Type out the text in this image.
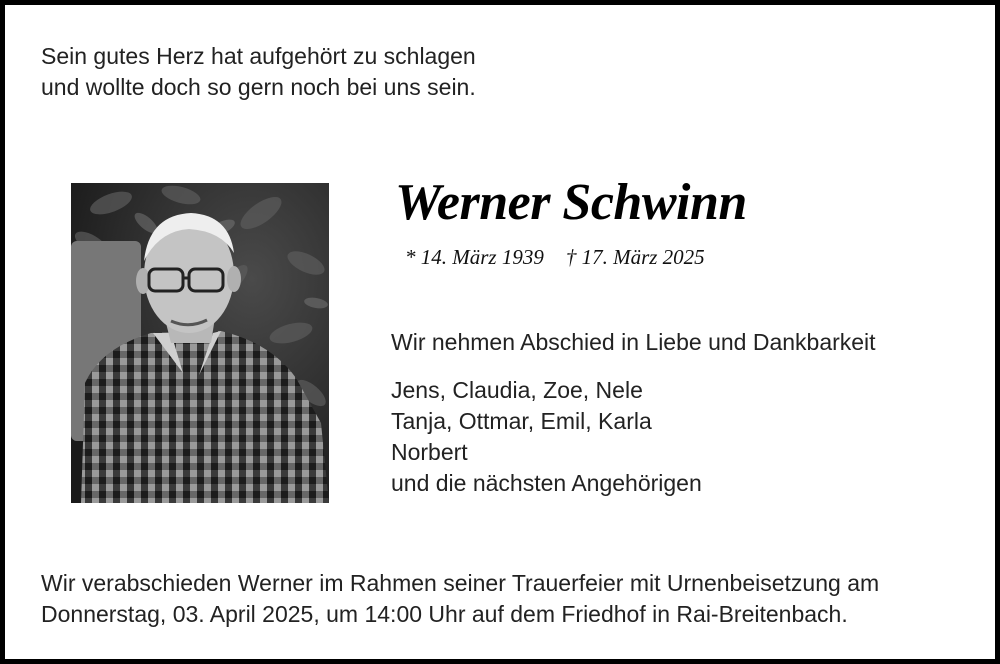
Sein gutes Herz hat aufgehört zu schlagen
und wollte doch so gern noch bei uns sein.
Werner Schwinn
* 14. März 1939 † 17. März 2025
Wir nehmen Abschied in Liebe und Dankbarkeit
Jens, Claudia, Zoe, Nele
Tanja, Ottmar, Emil, Karla
Norbert
und die nächsten Angehörigen
Wir verabschieden Werner im Rahmen seiner Trauerfeier mit Urnenbeisetzung am
Donnerstag, 03. April 2025, um 14:00 Uhr auf dem Friedhof in Rai-Breitenbach.
